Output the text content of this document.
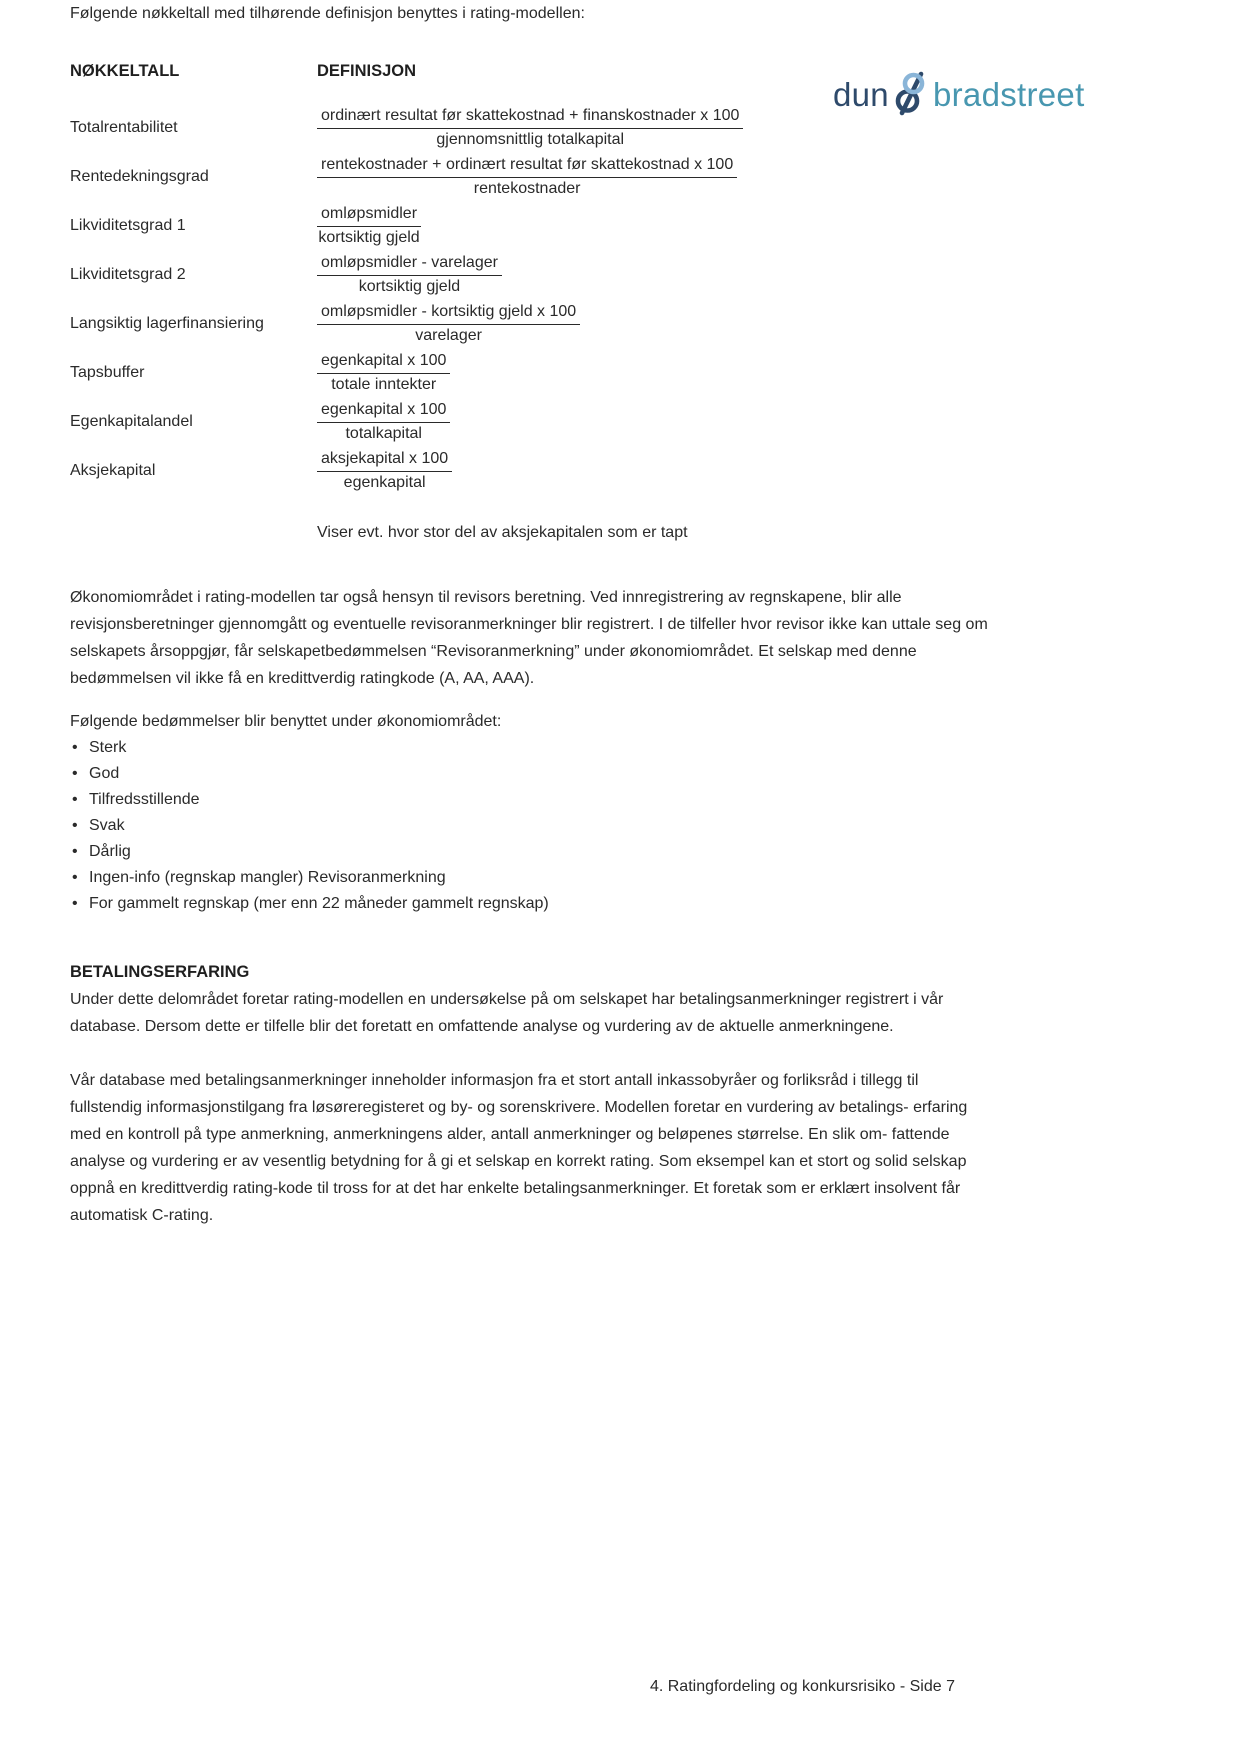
dun bradstreet

Følgende nøkkeltall med tilhørende definisjon benyttes i rating-modellen:

NØKKELTALL	DEFINISJON
Totalrentabilitet	$\frac{\text{ordinært resultat før skattekostnad + finanskostnader x 100}}{\text{gjennomsnittlig totalkapital}}$
Rentedekningsgrad	$\frac{\text{rentekostnader + ordinært resultat før skattekostnad x 100}}{\text{rentekostnader}}$
Likviditetsgrad 1	$\frac{\text{omløpsmidler}}{\text{kortsiktig gjeld}}$
Likviditetsgrad 2	$\frac{\text{omløpsmidler - varelager}}{\text{kortsiktig gjeld}}$
Langsiktig lagerfinansiering	$\frac{\text{omløpsmidler - kortsiktig gjeld x 100}}{\text{varelager}}$
Tapsbuffer	$\frac{\text{egenkapital x 100}}{\text{totale inntekter}}$
Egenkapitalandel	$\frac{\text{egenkapital x 100}}{\text{totalkapital}}$
Aksjekapital	$\frac{\text{aksjekapital x 100}}{\text{egenkapital}}$
Viser evt. hvor stor del av aksjekapitalen som er tapt

Økonomiområdet i rating-modellen tar også hensyn til revisors beretning. Ved innregistrering av regnskapene, blir alle revisjonsberetninger gjennomgått og eventuelle revisoranmerkninger blir registrert. I de tilfeller hvor revisor ikke kan uttale seg om selskapets årsoppgjør, får selskapetbedømmelsen “Revisoranmerkning” under økonomiområdet. Et selskap med denne bedømmelsen vil ikke få en kredittverdig ratingkode (A, AA, AAA).

Følgende bedømmelser blir benyttet under økonomiområdet:

• Sterk
• God
• Tilfredsstillende
• Svak
• Dårlig
• Ingen-info (regnskap mangler) Revisoranmerkning
• For gammelt regnskap (mer enn 22 måneder gammelt regnskap)
BETALINGSERFARING

Under dette delområdet foretar rating-modellen en undersøkelse på om selskapet har betalingsanmerkninger registrert i vår database. Dersom dette er tilfelle blir det foretatt en omfattende analyse og vurdering av de aktuelle anmerkningene.

Vår database med betalingsanmerkninger inneholder informasjon fra et stort antall inkassobyråer og forliksråd i tillegg til fullstendig informasjonstilgang fra løsøreregisteret og by- og sorenskrivere. Modellen foretar en vurdering av betalings- erfaring med en kontroll på type anmerkning, anmerkningens alder, antall anmerkninger og beløpenes størrelse. En slik om- fattende analyse og vurdering er av vesentlig betydning for å gi et selskap en korrekt rating. Som eksempel kan et stort og solid selskap oppnå en kredittverdig rating-kode til tross for at det har enkelte betalingsanmerkninger. Et foretak som er erklært insolvent får automatisk C-rating.

4. Ratingfordeling og konkursrisiko - Side 7
